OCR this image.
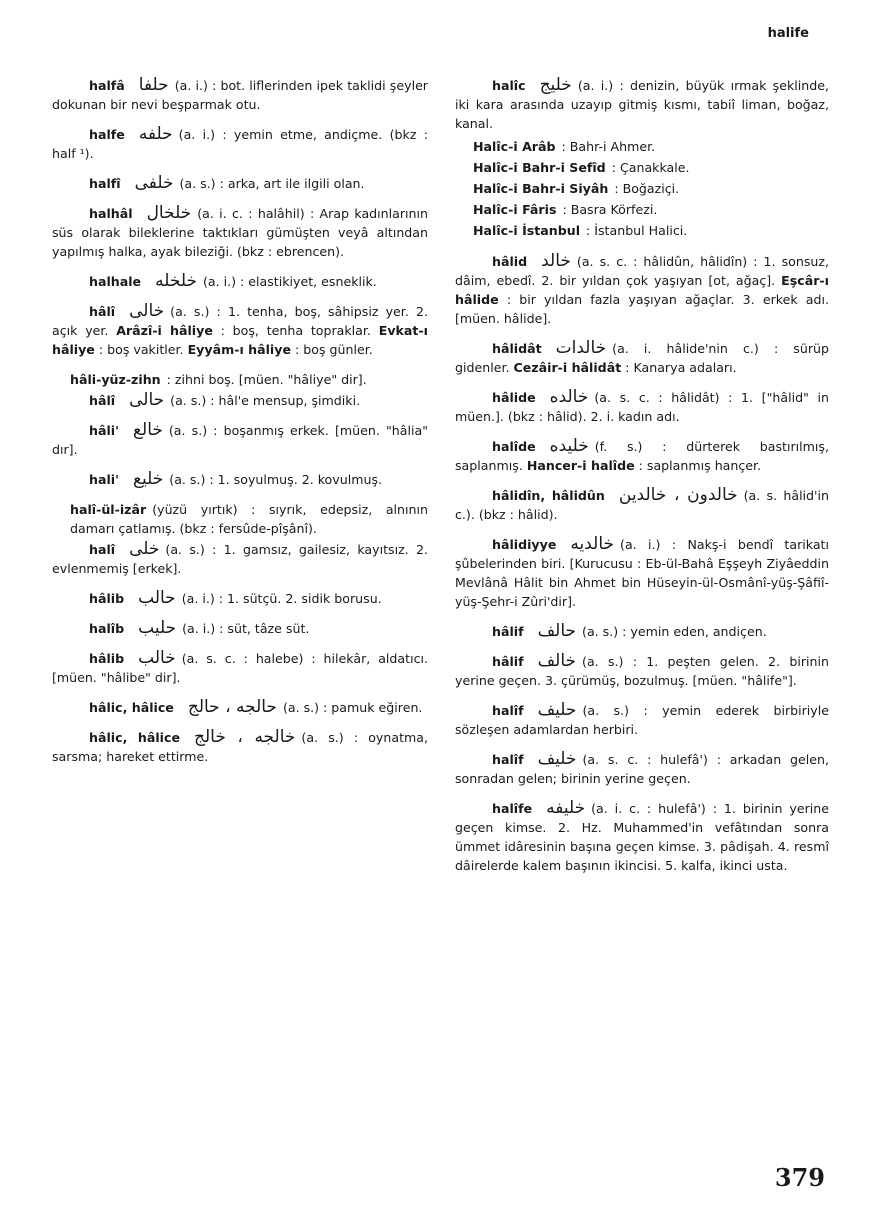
halife
halfâ حلفا (a. i.) : bot. liflerinden ipek taklidi şeyler dokunan bir nevi beşparmak otu.
halfe حلفه (a. i.) : yemin etme, andiçme. (bkz : half ¹).
halfî خلفی (a. s.) : arka, art ile ilgili olan.
halhâl خلخال (a. i. c. : halâhil) : Arap kadınlarının süs olarak bileklerine taktıkları gümüşten veyâ altından yapılmış halka, ayak bileziği. (bkz : ebrencen).
halhale خلخله (a. i.) : elastikiyet, esneklik.
hâlî خالی (a. s.) : 1. tenha, boş, sâhipsiz yer. 2. açık yer. Arâzî-i hâliye : boş, tenha topraklar. Evkat-ı hâliye : boş vakitler. Eyyâm-ı hâliye : boş günler.
hâli-yüz-zihn : zihni boş. [müen. "hâliye" dir].
hâlî حالی (a. s.) : hâl'e mensup, şimdiki.
hâli' خالع (a. s.) : boşanmış erkek. [müen. "hâlia" dır].
hali' خلیع (a. s.) : 1. soyulmuş. 2. kovulmuş.
halî-ül-izâr (yüzü yırtık) : sıyrık, edepsiz, alnının damarı çatlamış. (bkz : fersûde-pîşânî).
halî خلی (a. s.) : 1. gamsız, gailesiz, kayıtsız. 2. evlenmemiş [erkek].
hâlib حالب (a. i.) : 1. sütçü. 2. sidik borusu.
halîb حلیب (a. i.) : süt, tâze süt.
hâlib خالب (a. s. c. : halebe) : hilekâr, aldatıcı. [müen. "hâlibe" dir].
hâlic, hâlice حالجه ، حالج (a. s.) : pamuk eğiren.
hâlic, hâlice خالجه ، خالج (a. s.) : oynatma, sarsma; hareket ettirme.
halîc خلیج (a. i.) : denizin, büyük ırmak şeklinde, iki kara arasında uzayıp gitmiş kısmı, tabiî liman, boğaz, kanal.
Halîc-i Arâb : Bahr-i Ahmer.
Halîc-i Bahr-i Sefîd : Çanakkale.
Halîc-i Bahr-i Siyâh : Boğaziçi.
Halîc-i Fâris : Basra Körfezi.
Halîc-i İstanbul : İstanbul Halici.
hâlid خالد (a. s. c. : hâlidûn, hâlidîn) : 1. sonsuz, dâim, ebedî. 2. bir yıldan çok yaşıyan [ot, ağaç]. Eşcâr-ı hâlide : bir yıldan fazla yaşıyan ağaçlar. 3. erkek adı. [müen. hâlide].
hâlidât خالدات (a. i. hâlide'nin c.) : sürüp gidenler. Cezâir-i hâlidât : Kanarya adaları.
hâlide خالده (a. s. c. : hâlidât) : 1. ["hâlid" in müen.]. (bkz : hâlid). 2. i. kadın adı.
halîde خلیده (f. s.) : dürterek bastırılmış, saplanmış. Hancer-i halîde : saplanmış hançer.
hâlidîn, hâlidûn خالدون ، خالدین (a. s. hâlid'in c.). (bkz : hâlid).
hâlidiyye خالدیه (a. i.) : Nakş-i bendî tarikatı şûbelerinden biri. [Kurucusu : Eb-ül-Bahâ Eşşeyh Ziyâeddin Mevlânâ Hâlit bin Ahmet bin Hüseyin-ül-Osmânî-yüş-Şâfiî-yüş-Şehr-i Zûri'dir].
hâlif حالف (a. s.) : yemin eden, andiçen.
hâlif خالف (a. s.) : 1. peşten gelen. 2. birinin yerine geçen. 3. çürümüş, bozulmuş. [müen. "hâlife"].
halîf حلیف (a. s.) : yemin ederek birbiriyle sözleşen adamlardan herbiri.
halîf خلیف (a. s. c. : hulefâ') : arkadan gelen, sonradan gelen; birinin yerine geçen.
halîfe خلیفه (a. i. c. : hulefâ') : 1. birinin yerine geçen kimse. 2. Hz. Muhammed'in vefâtından sonra ümmet idâresinin başına geçen kimse. 3. pâdişah. 4. resmî dâirelerde kalem başının ikincisi. 5. kalfa, ikinci usta.
379
